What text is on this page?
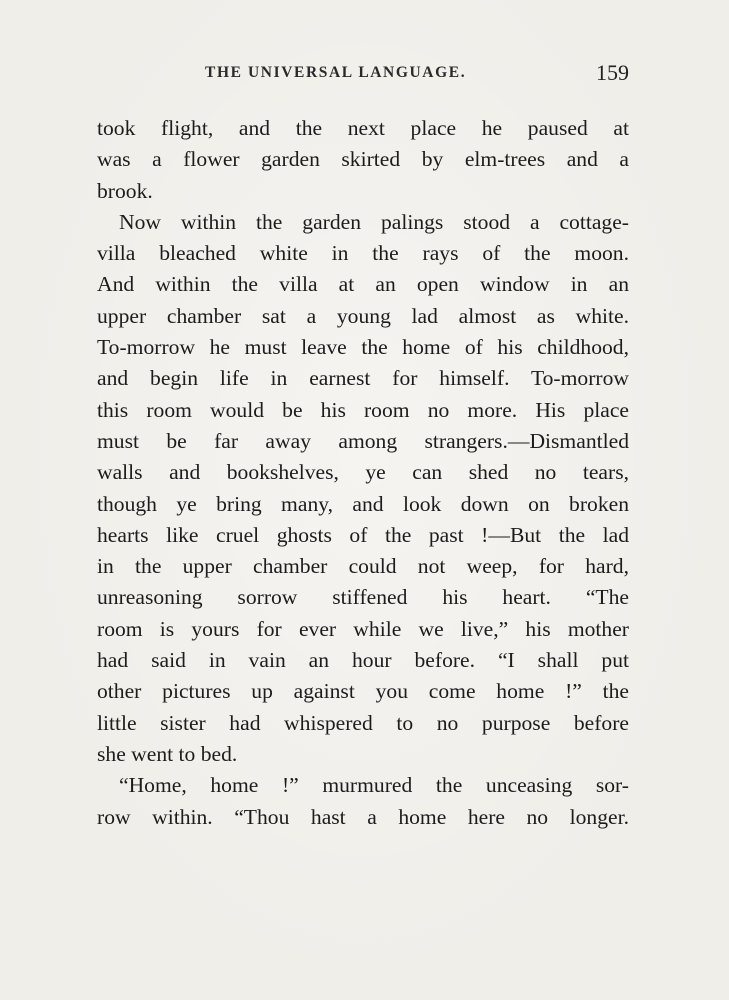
THE UNIVERSAL LANGUAGE.	159
took flight, and the next place he paused at
was a flower garden skirted by elm-trees and a
brook.
Now within the garden palings stood a cottage-
villa bleached white in the rays of the moon.
And within the villa at an open window in an
upper chamber sat a young lad almost as white.
To-morrow he must leave the home of his childhood,
and begin life in earnest for himself. To-morrow
this room would be his room no more. His place
must be far away among strangers.—Dismantled
walls and bookshelves, ye can shed no tears,
though ye bring many, and look down on broken
hearts like cruel ghosts of the past !—But the lad
in the upper chamber could not weep, for hard,
unreasoning sorrow stiffened his heart. “The
room is yours for ever while we live,” his mother
had said in vain an hour before. “I shall put
other pictures up against you come home !” the
little sister had whispered to no purpose before
she went to bed.
“Home, home !” murmured the unceasing sor-
row within. “Thou hast a home here no longer.
